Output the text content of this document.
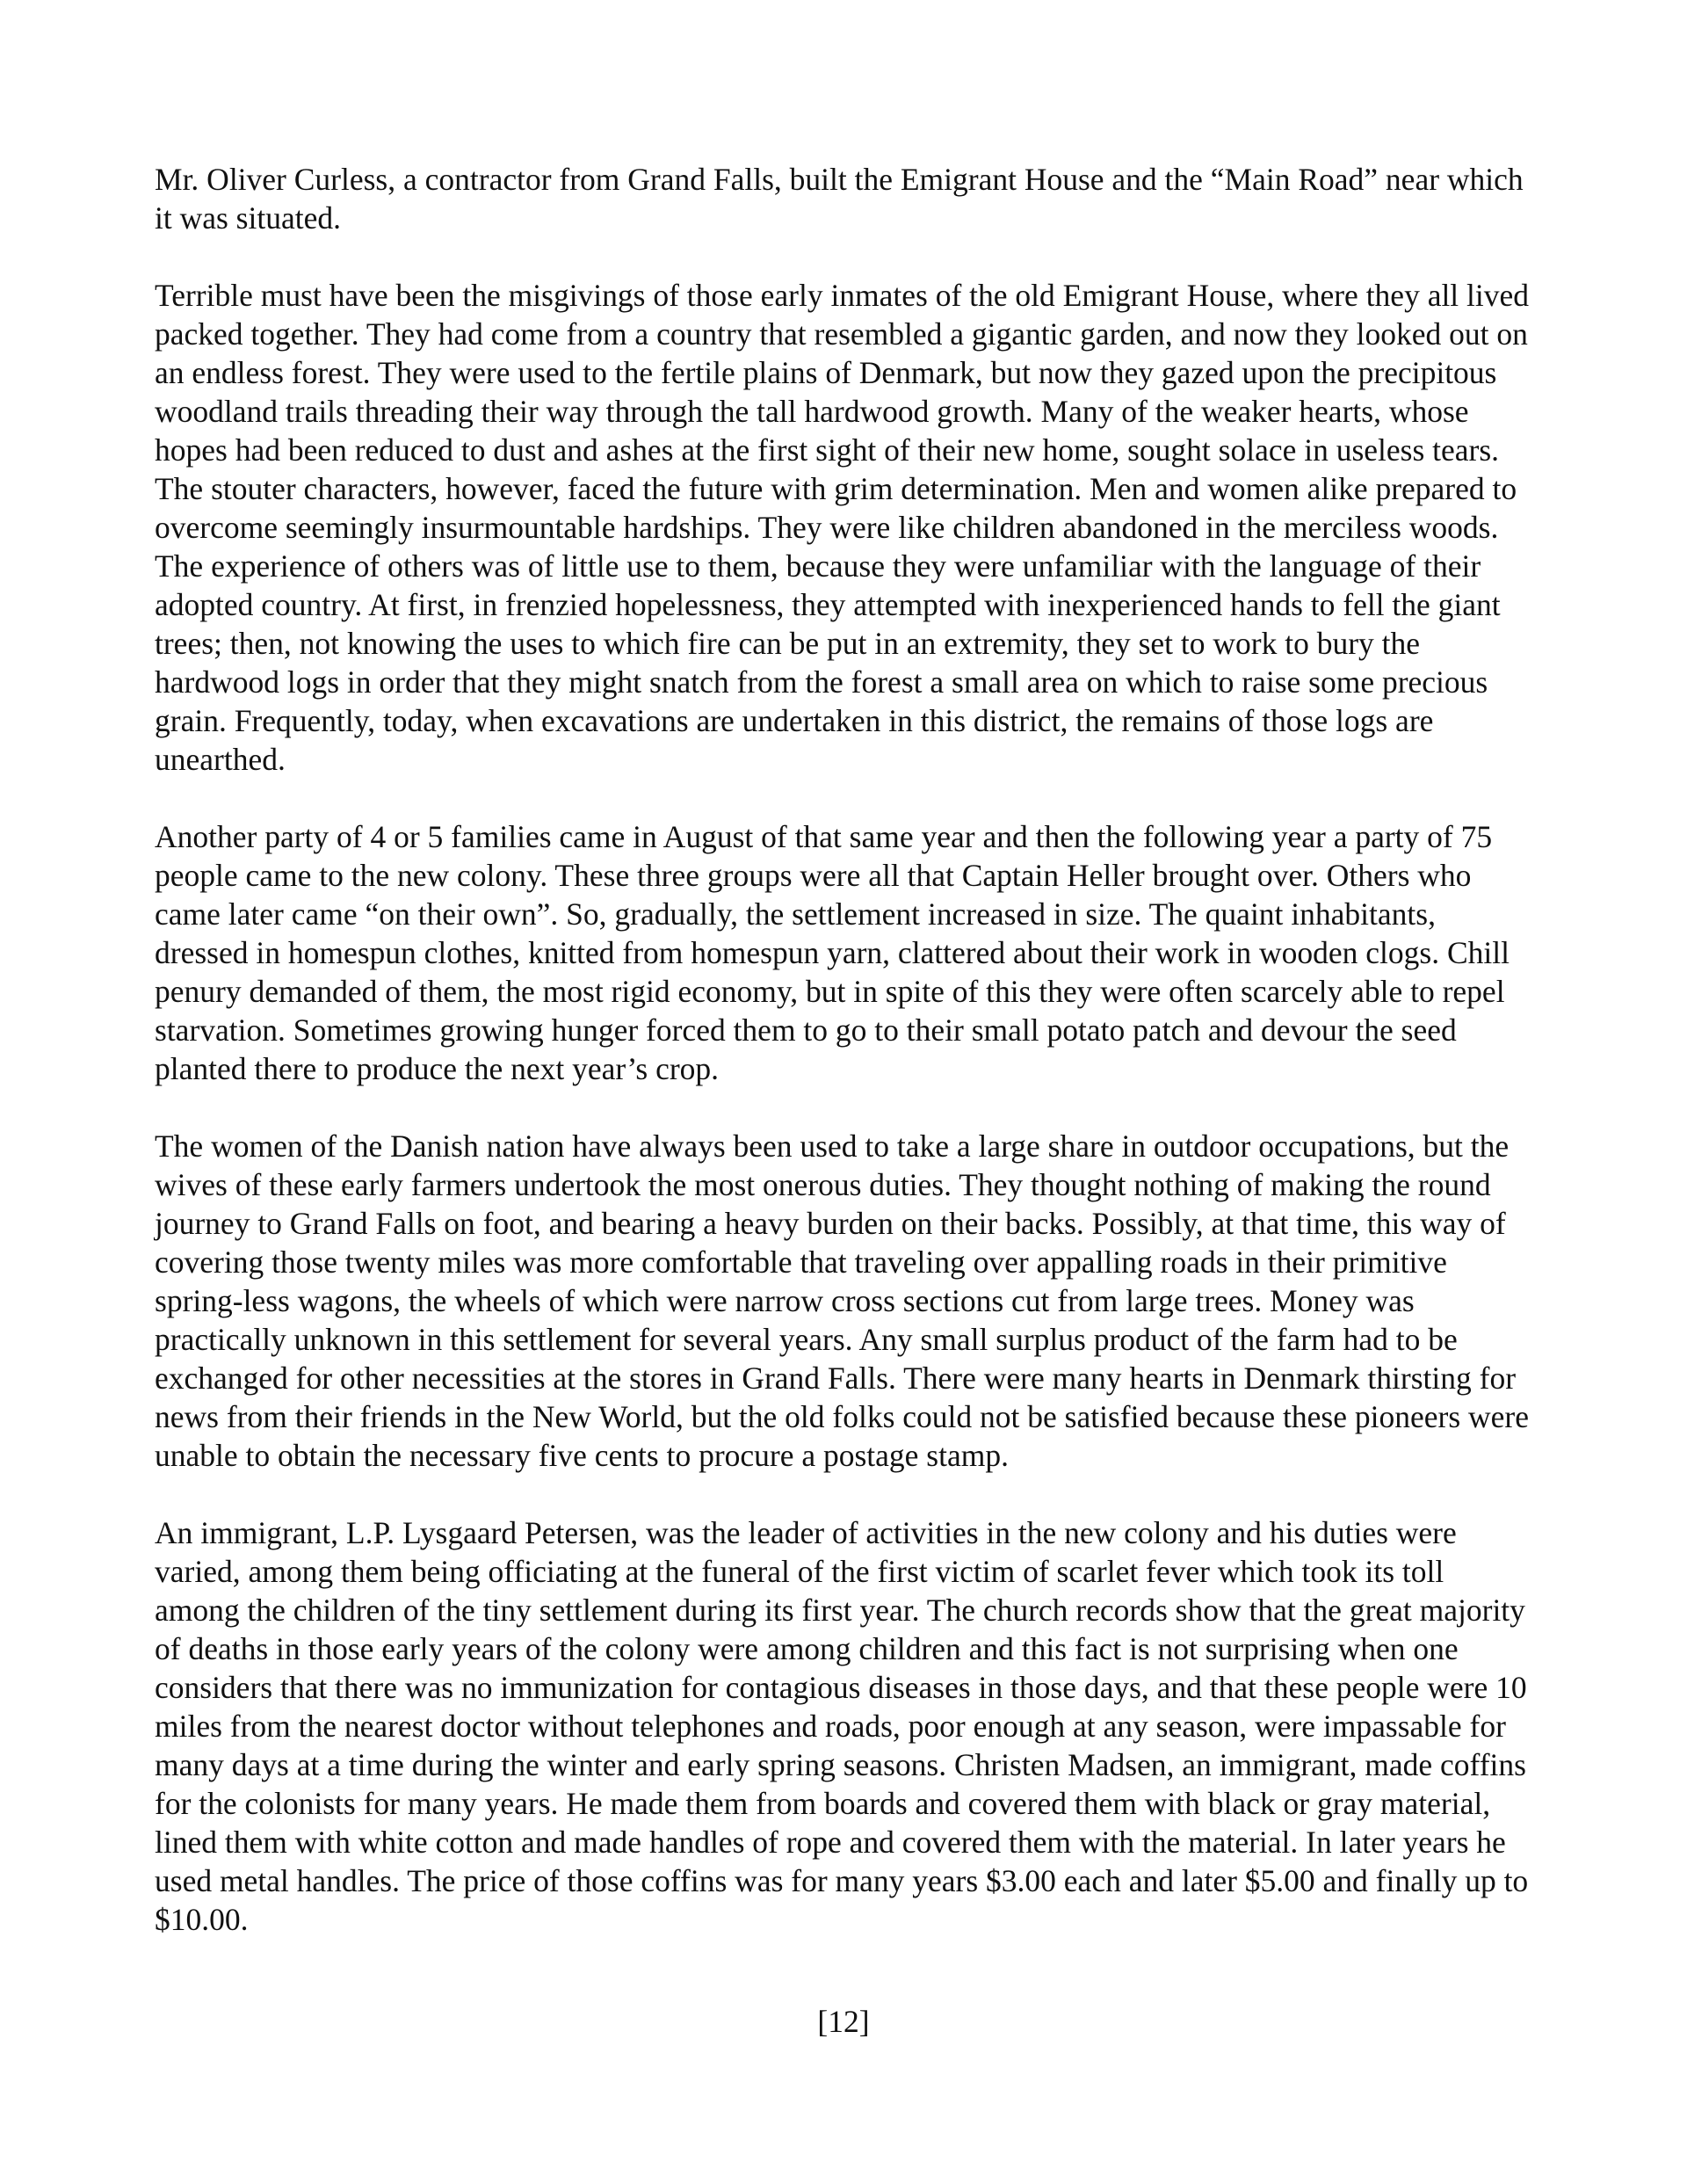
Mr. Oliver Curless, a contractor from Grand Falls, built the Emigrant House and the “Main Road” near which it was situated.

Terrible must have been the misgivings of those early inmates of the old Emigrant House, where they all lived packed together. They had come from a country that resembled a gigantic garden, and now they looked out on an endless forest. They were used to the fertile plains of Denmark, but now they gazed upon the precipitous woodland trails threading their way through the tall hardwood growth. Many of the weaker hearts, whose hopes had been reduced to dust and ashes at the first sight of their new home, sought solace in useless tears. The stouter characters, however, faced the future with grim determination. Men and women alike prepared to overcome seemingly insurmountable hardships. They were like children abandoned in the merciless woods. The experience of others was of little use to them, because they were unfamiliar with the language of their adopted country. At first, in frenzied hopelessness, they attempted with inexperienced hands to fell the giant trees; then, not knowing the uses to which fire can be put in an extremity, they set to work to bury the hardwood logs in order that they might snatch from the forest a small area on which to raise some precious grain. Frequently, today, when excavations are undertaken in this district, the remains of those logs are unearthed.

Another party of 4 or 5 families came in August of that same year and then the following year a party of 75 people came to the new colony. These three groups were all that Captain Heller brought over. Others who came later came “on their own”. So, gradually, the settlement increased in size. The quaint inhabitants, dressed in homespun clothes, knitted from homespun yarn, clattered about their work in wooden clogs. Chill penury demanded of them, the most rigid economy, but in spite of this they were often scarcely able to repel starvation. Sometimes growing hunger forced them to go to their small potato patch and devour the seed planted there to produce the next year’s crop.

The women of the Danish nation have always been used to take a large share in outdoor occupations, but the wives of these early farmers undertook the most onerous duties. They thought nothing of making the round journey to Grand Falls on foot, and bearing a heavy burden on their backs. Possibly, at that time, this way of covering those twenty miles was more comfortable that traveling over appalling roads in their primitive spring-less wagons, the wheels of which were narrow cross sections cut from large trees. Money was practically unknown in this settlement for several years. Any small surplus product of the farm had to be exchanged for other necessities at the stores in Grand Falls. There were many hearts in Denmark thirsting for news from their friends in the New World, but the old folks could not be satisfied because these pioneers were unable to obtain the necessary five cents to procure a postage stamp.

An immigrant, L.P. Lysgaard Petersen, was the leader of activities in the new colony and his duties were varied, among them being officiating at the funeral of the first victim of scarlet fever which took its toll among the children of the tiny settlement during its first year. The church records show that the great majority of deaths in those early years of the colony were among children and this fact is not surprising when one considers that there was no immunization for contagious diseases in those days, and that these people were 10 miles from the nearest doctor without telephones and roads, poor enough at any season, were impassable for many days at a time during the winter and early spring seasons. Christen Madsen, an immigrant, made coffins for the colonists for many years. He made them from boards and covered them with black or gray material, lined them with white cotton and made handles of rope and covered them with the material. In later years he used metal handles. The price of those coffins was for many years $3.00 each and later $5.00 and finally up to $10.00.

[12]
